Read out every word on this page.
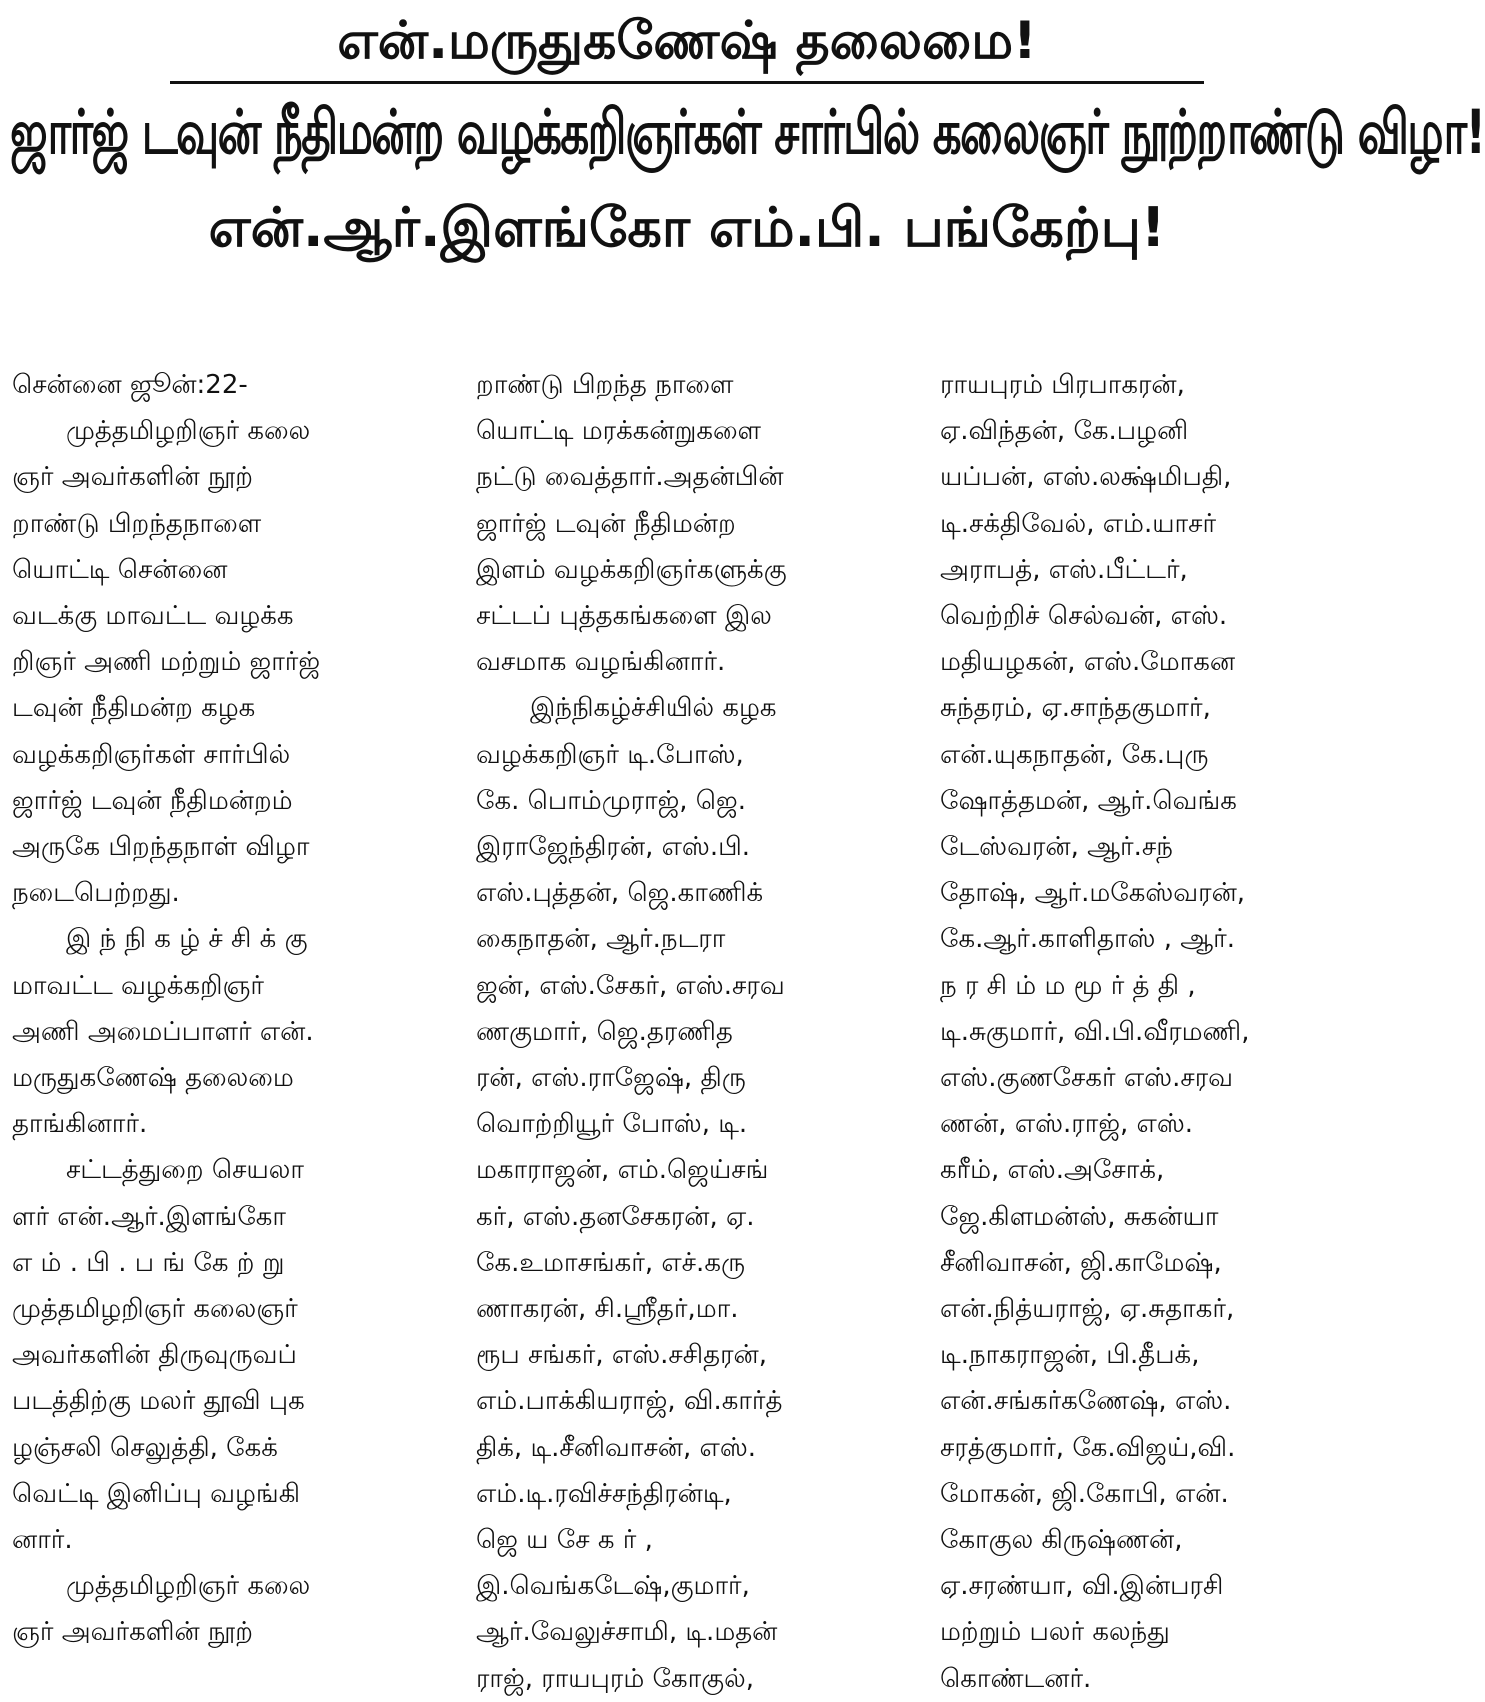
என்.மருதுகணேஷ் தலைமை!
ஜார்ஜ் டவுன் நீதிமன்ற வழக்கறிஞர்கள் சார்பில் கலைஞர் நூற்றாண்டு விழா!
என்.ஆர்.இளங்கோ எம்.பி. பங்கேற்பு!

சென்னை ஜூன்:22-

முத்தமிழறிஞர் கலை

ஞர் அவர்களின் நூற்

றாண்டு பிறந்தநாளை

யொட்டி சென்னை

வடக்கு மாவட்ட வழக்க

றிஞர் அணி மற்றும் ஜார்ஜ்

டவுன் நீதிமன்ற கழக

வழக்கறிஞர்கள் சார்பில்

ஜார்ஜ் டவுன் நீதிமன்றம்

அருகே பிறந்தநாள் விழா

நடைபெற்றது.

இ ந் நி க ழ் ச் சி க் கு

மாவட்ட வழக்கறிஞர்

அணி அமைப்பாளர் என்.

மருதுகணேஷ் தலைமை

தாங்கினார்.

சட்டத்துறை செயலா

ளர் என்.ஆர்.இளங்கோ

எ ம் . பி . ப ங் கே ற் று

முத்தமிழறிஞர் கலைஞர்

அவர்களின் திருவுருவப்

படத்திற்கு மலர் தூவி புக

ழஞ்சலி செலுத்தி, கேக்

வெட்டி இனிப்பு வழங்கி

னார்.

முத்தமிழறிஞர் கலை

ஞர் அவர்களின் நூற்

றாண்டு பிறந்த நாளை

யொட்டி மரக்கன்றுகளை

நட்டு வைத்தார்.அதன்பின்

ஜார்ஜ் டவுன் நீதிமன்ற

இளம் வழக்கறிஞர்களுக்கு

சட்டப் புத்தகங்களை இல

வசமாக வழங்கினார்.

இந்நிகழ்ச்சியில் கழக

வழக்கறிஞர் டி.போஸ்,

கே. பொம்முராஜ், ஜெ.

இராஜேந்திரன், எஸ்.பி.

எஸ்.புத்தன், ஜெ.காணிக்

கைநாதன், ஆர்.நடரா

ஜன், எஸ்.சேகர், எஸ்.சரவ

ணகுமார், ஜெ.தரணித

ரன், எஸ்.ராஜேஷ், திரு

வொற்றியூர் போஸ், டி.

மகாராஜன், எம்.ஜெய்சங்

கர், எஸ்.தனசேகரன், ஏ.

கே.உமாசங்கர், எச்.கரு

ணாகரன், சி.ஸ்ரீதர்,மா.

ரூப சங்கர், எஸ்.சசிதரன்,

எம்.பாக்கியராஜ், வி.கார்த்

திக், டி.சீனிவாசன், எஸ்.

எம்.டி.ரவிச்சந்திரன்டி,

ஜெ ய சே க ர் ,

இ.வெங்கடேஷ்,குமார்,

ஆர்.வேலுச்சாமி, டி.மதன்

ராஜ், ராயபுரம் கோகுல்,

ராயபுரம் பிரபாகரன்,

ஏ.விந்தன், கே.பழனி

யப்பன், எஸ்.லக்ஷ்மிபதி,

டி.சக்திவேல், எம்.யாசர்

அராபத், எஸ்.பீட்டர்,

வெற்றிச் செல்வன், எஸ்.

மதியழகன், எஸ்.மோகன

சுந்தரம், ஏ.சாந்தகுமார்,

என்.யுகநாதன், கே.புரு

ஷோத்தமன், ஆர்.வெங்க

டேஸ்வரன், ஆர்.சந்

தோஷ், ஆர்.மகேஸ்வரன்,

கே.ஆர்.காளிதாஸ் , ஆர்.

ந ர சி ம் ம மூ ர் த் தி ,

டி.சுகுமார், வி.பி.வீரமணி,

எஸ்.குணசேகர் எஸ்.சரவ

ணன், எஸ்.ராஜ், எஸ்.

கரீம், எஸ்.அசோக்,

ஜே.கிளமன்ஸ், சுகன்யா

சீனிவாசன், ஜி.காமேஷ்,

என்.நித்யராஜ், ஏ.சுதாகர்,

டி.நாகராஜன், பி.தீபக்,

என்.சங்கர்கணேஷ், எஸ்.

சரத்குமார், கே.விஜய்,வி.

மோகன், ஜி.கோபி, என்.

கோகுல கிருஷ்ணன்,

ஏ.சரண்யா, வி.இன்பரசி

மற்றும் பலர் கலந்து

கொண்டனர்.
